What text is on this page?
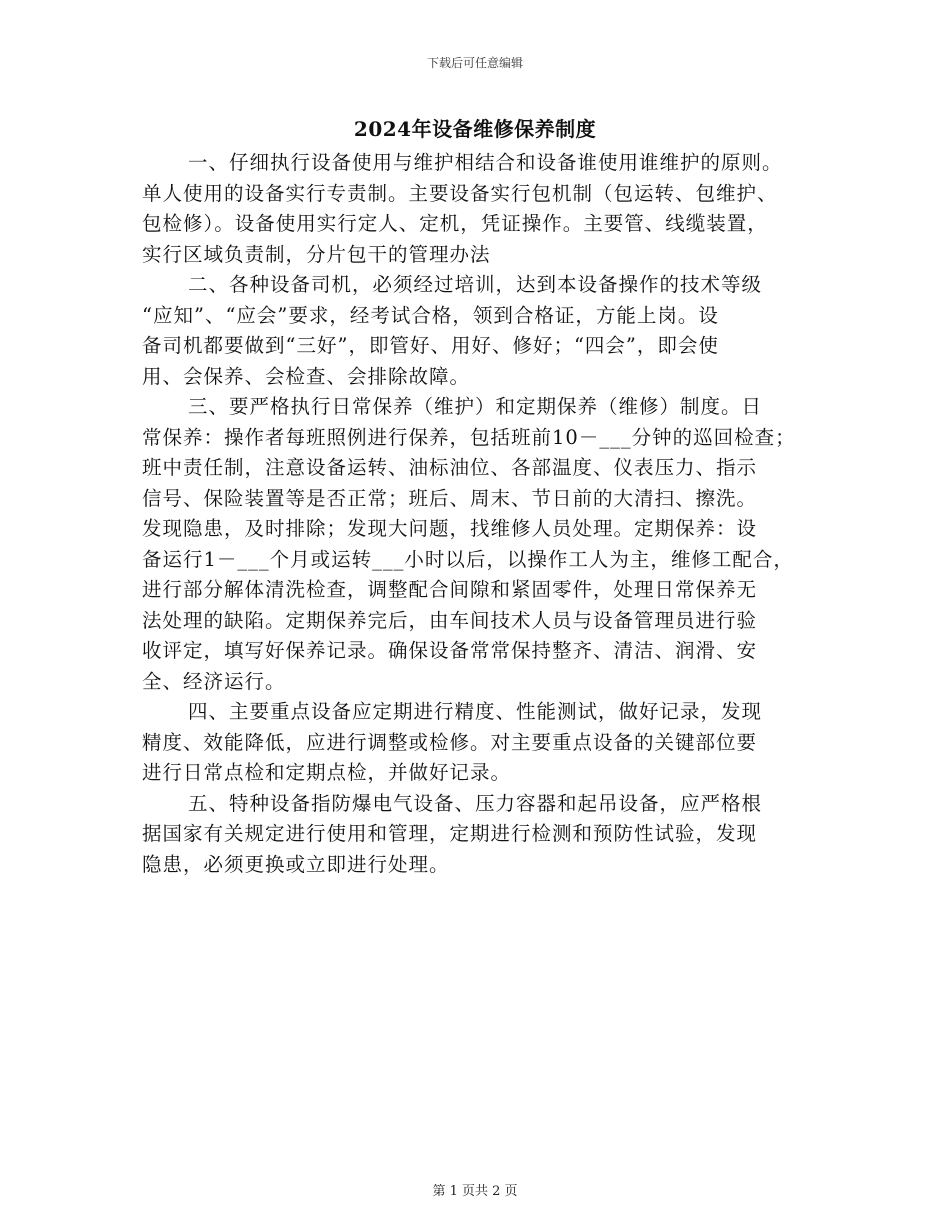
下载后可任意编辑
2024年设备维修保养制度

一、仔细执行设备使用与维护相结合和设备谁使用谁维护的原则。
单人使用的设备实行专责制。主要设备实行包机制（包运转、包维护、
包检修）。设备使用实行定人、定机，凭证操作。主要管、线缆装置，
实行区域负责制，分片包干的管理办法

二、各种设备司机，必须经过培训，达到本设备操作的技术等级
“应知”、“应会”要求，经考试合格，领到合格证，方能上岗。设
备司机都要做到“三好”，即管好、用好、修好；“四会”，即会使
用、会保养、会检查、会排除故障。

三、要严格执行日常保养（维护）和定期保养（维修）制度。日
常保养：操作者每班照例进行保养，包括班前10－___分钟的巡回检查；
班中责任制，注意设备运转、油标油位、各部温度、仪表压力、指示
信号、保险装置等是否正常；班后、周末、节日前的大清扫、擦洗。
发现隐患，及时排除；发现大问题，找维修人员处理。定期保养：设
备运行1－___个月或运转___小时以后，以操作工人为主，维修工配合，
进行部分解体清洗检查，调整配合间隙和紧固零件，处理日常保养无
法处理的缺陷。定期保养完后，由车间技术人员与设备管理员进行验
收评定，填写好保养记录。确保设备常常保持整齐、清洁、润滑、安
全、经济运行。

四、主要重点设备应定期进行精度、性能测试，做好记录，发现
精度、效能降低，应进行调整或检修。对主要重点设备的关键部位要
进行日常点检和定期点检，并做好记录。

五、特种设备指防爆电气设备、压力容器和起吊设备，应严格根
据国家有关规定进行使用和管理，定期进行检测和预防性试验，发现
隐患，必须更换或立即进行处理。

第 1 页共 2 页
